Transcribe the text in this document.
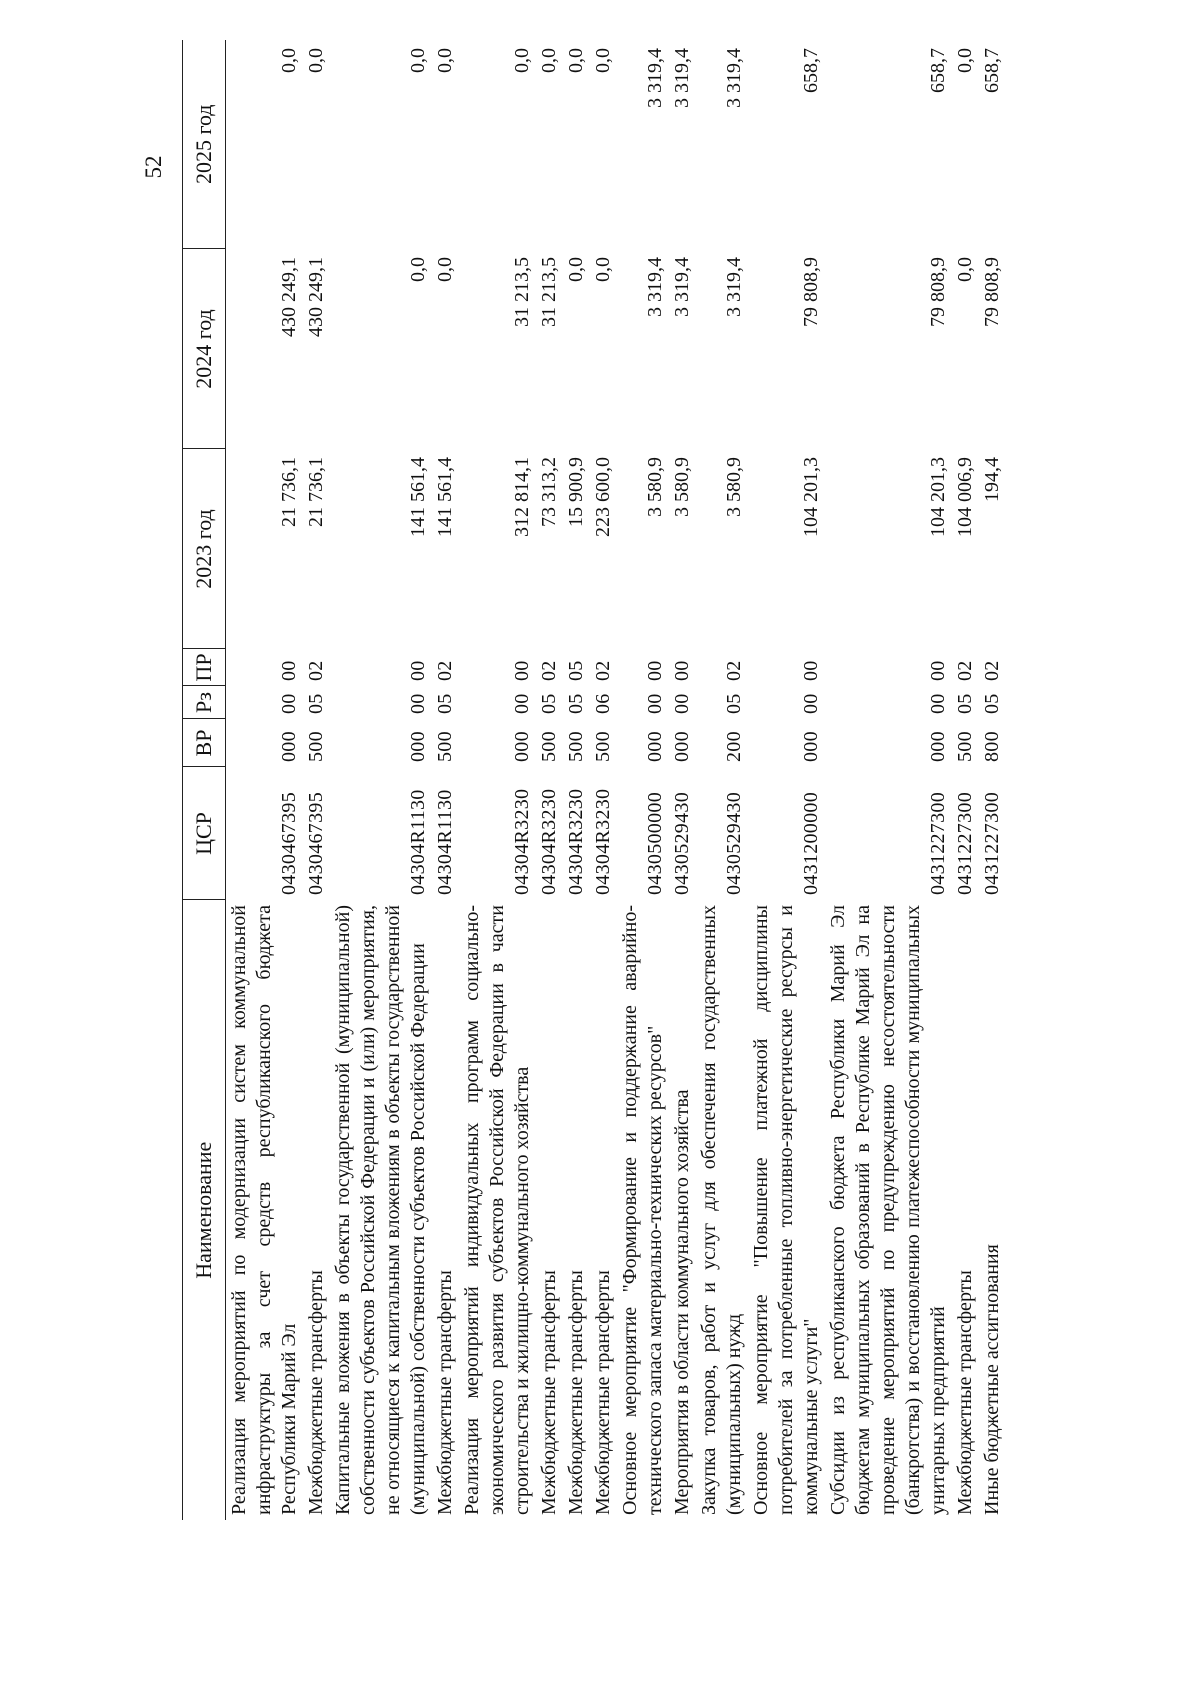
52
Наименование	ЦСР	ВР	Рз	ПР	2023 год	2024 год	2025 год
Реализация мероприятий по модернизации систем коммунальной инфраструктуры за счет средств республиканского бюджета Республики Марий Эл	0430467395	000	00	00	21 736,1	430 249,1	0,0
Межбюджетные трансферты	0430467395	500	05	02	21 736,1	430 249,1	0,0
Капитальные вложения в объекты государственной (муниципальной) собственности субъектов Российской Федерации и (или) мероприятия, не относящиеся к капитальным вложениям в объекты государственной (муниципальной) собственности субъектов Российской Федерации	04304R1130	000	00	00	141 561,4	0,0	0,0
Межбюджетные трансферты	04304R1130	500	05	02	141 561,4	0,0	0,0
Реализация мероприятий индивидуальных программ социально-экономического развития субъектов Российской Федерации в части строительства и жилищно-коммунального хозяйства	04304R3230	000	00	00	312 814,1	31 213,5	0,0
Межбюджетные трансферты	04304R3230	500	05	02	73 313,2	31 213,5	0,0
Межбюджетные трансферты	04304R3230	500	05	05	15 900,9	0,0	0,0
Межбюджетные трансферты	04304R3230	500	06	02	223 600,0	0,0	0,0
Основное мероприятие "Формирование и поддержание аварийно-технического запаса материально-технических ресурсов"	0430500000	000	00	00	3 580,9	3 319,4	3 319,4
Мероприятия в области коммунального хозяйства	0430529430	000	00	00	3 580,9	3 319,4	3 319,4
Закупка товаров, работ и услуг для обеспечения государственных (муниципальных) нужд	0430529430	200	05	02	3 580,9	3 319,4	3 319,4
Основное мероприятие "Повышение платежной дисциплины потребителей за потребленные топливно-энергетические ресурсы и коммунальные услуги"	0431200000	000	00	00	104 201,3	79 808,9	658,7
Субсидии из республиканского бюджета Республики Марий Эл бюджетам муниципальных образований в Республике Марий Эл на проведение мероприятий по предупреждению несостоятельности (банкротства) и восстановлению платежеспособности муниципальных унитарных предприятий	0431227300	000	00	00	104 201,3	79 808,9	658,7
Межбюджетные трансферты	0431227300	500	05	02	104 006,9	0,0	0,0
Иные бюджетные ассигнования	0431227300	800	05	02	194,4	79 808,9	658,7
